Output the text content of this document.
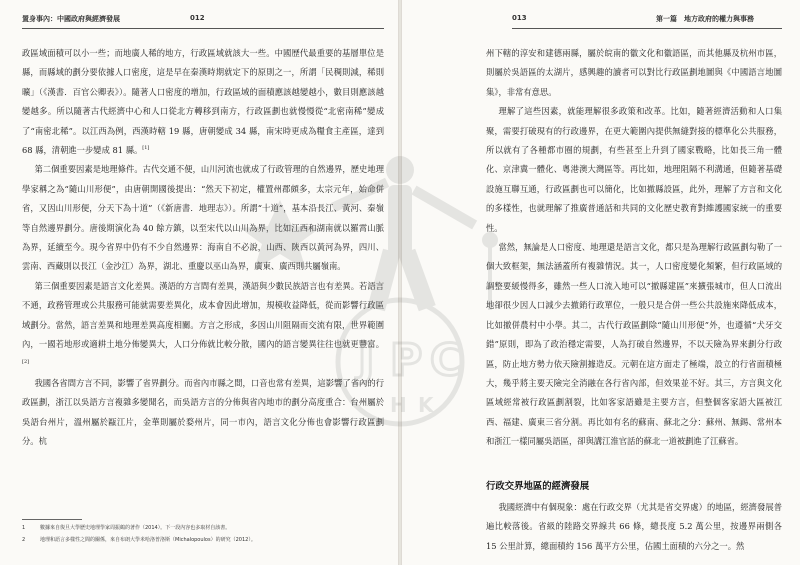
置身事內：中國政府與經濟發展	012

政區域面積可以小一些；而地廣人稀的地方，行政區域就該大一些。中國歷代最重要的基層單位是縣，而縣域的劃分要依據人口密度，這是早在秦漢時期就定下的原則之一，所謂「民稠則減，稀則曠」（《漢書．百官公卿表》）。隨著人口密度的增加，行政區域的面積應該越變越小，數目則應該越變越多。所以隨著古代經濟中心和人口從北方轉移到南方，行政區劃也就慢慢從“北密南稀”變成了“南密北稀”。以江西為例，西漢時轄 19 縣，唐朝變成 34 縣，南宋時更成為糧食主產區，達到 68 縣，清朝進一步變成 81 縣。[1]

第二個重要因素是地理條件。古代交通不便，山川河流也就成了行政管理的自然邊界，歷史地理學家稱之為“隨山川形便”，由唐朝開國後提出：“然天下初定，權置州郡頗多，太宗元年，始命併省，又因山川形便，分天下為十道”（《新唐書．地理志》）。所謂“十道”，基本沿長江、黃河、秦嶺等自然邊界劃分。唐後期演化為 40 餘方鎮，以至宋代以山川為界，比如江西和湖南就以羅霄山脈為界，延續至今。現今省界中仍有不少自然邊界：海南自不必說，山西、陝西以黃河為界，四川、雲南、西藏則以長江（金沙江）為界，湖北、重慶以巫山為界，廣東、廣西則共屬嶺南。

第三個重要因素是語言文化差異。漢語的方言間有差異，漢語與少數民族語言也有差異。若語言不通，政務管理或公共服務可能就需要差異化，成本會因此增加，規模收益降低，從而影響行政區域劃分。當然，語言差異和地理差異高度相關。方言之形成，多因山川阻隔而交流有限，世界範圍內，一國若地形或適耕土地分佈變異大，人口分佈就比較分散，國內的語言變異往往也就更豐富。[2]

我國各省間方言不同，影響了省界劃分。而省內市縣之間，口音也常有差異，這影響了省內的行政區劃，浙江以吳語方言複雜多變聞名，而吳語方言的分佈與省內地市的劃分高度重合：台州屬於吳語台州片，溫州屬於甌江片，金華則屬於婺州片，同一市內，語言文化分佈也會影響行政區劃分。杭

1	數據來自復旦大學歷史地理學家周振鶴的著作（2014）。下一段內容也多取材自該書。
2	地理和語言多樣性之間的關係，來自布朗大學米哈洛普洛斯（Michalopoulos）的研究（2012）。
013	第一篇　地方政府的權力與事務

州下轄的淳安和建德兩縣，屬於皖南的徽文化和徽語區，而其他縣及杭州市區，則屬於吳語區的太湖片，感興趣的讀者可以對比行政區劃地圖與《中國語言地圖集》，非常有意思。

理解了這些因素，就能理解很多政策和改革。比如，隨著經濟活動和人口集聚，需要打破現有的行政邊界，在更大範圍內提供無縫對接的標準化公共服務，所以就有了各種都市圈的規劃，有些甚至上升到了國家戰略，比如長三角一體化、京津冀一體化、粵港澳大灣區等。再比如，地理阻隔不利溝通，但隨著基礎設施互聯互通，行政區劃也可以簡化，比如撤縣設區，此外，理解了方言和文化的多樣性，也就理解了推廣普通話和共同的文化歷史教育對維護國家統一的重要性。

當然，無論是人口密度、地理還是語言文化，都只是為理解行政區劃勾勒了一個大致框架，無法涵蓋所有複雜情況。其一，人口密度變化頻繁，但行政區域的調整要緩慢得多，雖然一些人口流入地可以“撤縣建區”來擴張城市，但人口流出地卻很少因人口減少去撤銷行政單位，一般只是合併一些公共設施來降低成本，比如撤併農村中小學。其二，古代行政區劃除“隨山川形便”外，也遵循“犬牙交錯”原則，即為了政治穩定需要，人為打破自然邊界，不以天險為界來劃分行政區，防止地方勢力依天險割據造反。元朝在這方面走了極端，設立的行省面積極大，幾乎將主要天險完全消融在各行省內部，但效果並不好。其三，方言與文化區域經常被行政區劃割裂，比如客家語雖是主要方言，但整個客家語大區被江西、福建、廣東三省分割。再比如有名的蘇南、蘇北之分：蘇州、無錫、常州本和浙江一樣同屬吳語區，卻與講江淮官話的蘇北一道被劃進了江蘇省。

行政交界地區的經濟發展

我國經濟中有個現象：處在行政交界（尤其是省交界處）的地區，經濟發展普遍比較落後。省級的陸路交界線共 66 條，總長度 5.2 萬公里，按邊界兩側各 15 公里計算，總面積約 156 萬平方公里，佔國土面積的六分之一。然
